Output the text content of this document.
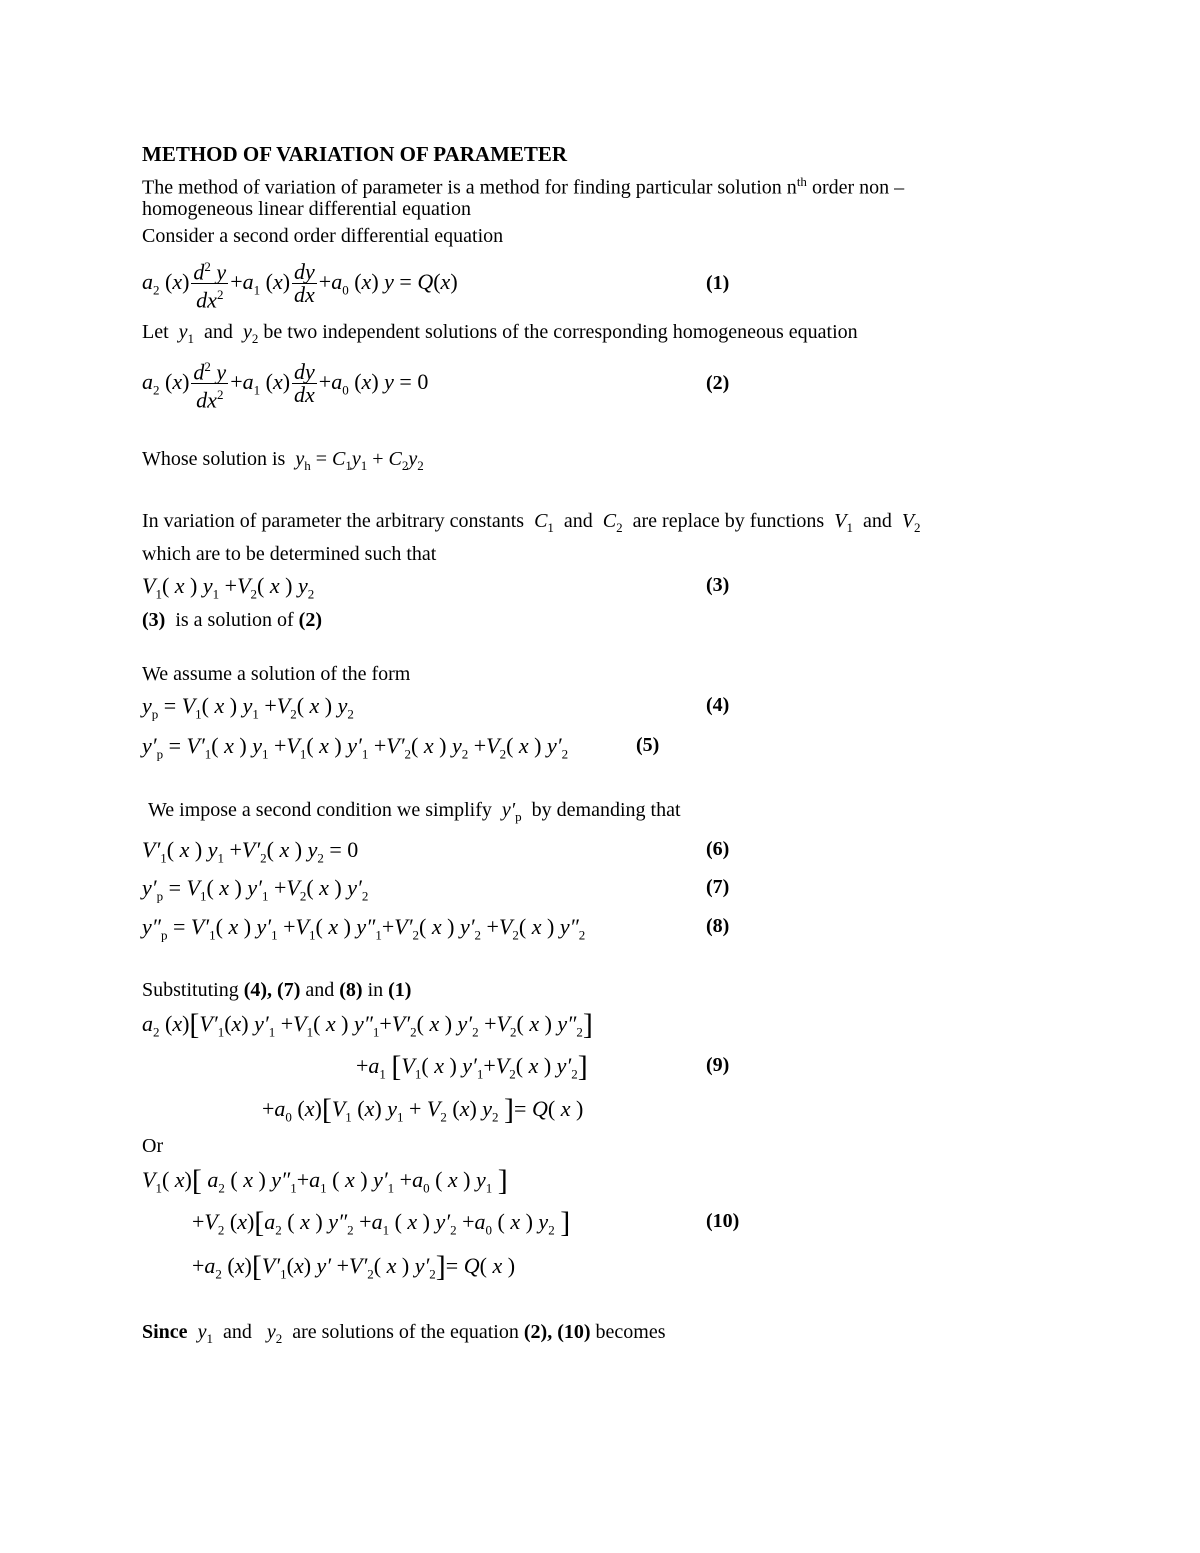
METHOD OF VARIATION OF PARAMETER
The method of variation of parameter is a method for finding particular solution $n^{th}$ order non –
homogeneous linear differential equation
Consider a second order differential equation
$a_2$ $(x) \frac{d^2 y}{dx^2} +a_1$ $(x) \frac{dy}{dx} +a_0$ (x) y = Q(x)	(1)
Let $y_1$ and $y_2$ be two independent solutions of the corresponding homogeneous equation
$a_2$ $(x) \frac{d^2 y}{dx^2} +a_1$ $(x) \frac{dy}{dx} +a_0$ (x) y = 0	(2)
Whose solution is $y_h = C_1y_1 + C_2y_2$
In variation of parameter the arbitrary constants $C_1$ and $C_2$ are replace by functions $V_1$ and $V_2$
which are to be determined such that
$V_1$( x ) $y_1 +V_2$( x ) $y_2$	(3)
(3) is a solution of (2)
We assume a solution of the form
$y_p = V_1$( x ) $y_1 +V_2$( x ) $y_2$	(4)
$y'_p = V'_1$( x ) $y_1 +V_1$( x ) $y'_1 +V'_2$( x ) $y_2 +V_2$( x ) $y'_2$	(5)
We impose a second condition we simplify $y'_p$ by demanding that
$V'_1$( x ) $y_1 +V'_2$( x ) $y_2 = 0$	(6)
$y'_p = V_1$( x ) $y'_1 +V_2$( x ) $y'_2$	(7)
$y''_p = V'_1$( x ) $y'_1 +V_1$( x ) $y''_1+V'_2$( x ) $y'_2 +V_2$( x ) $y''_2$	(8)
Substituting (4), (7) and (8) in (1)
$a_2$ $(x)[V'_1(x)$ $y'_1 +V_1$( x ) $y''_1+V'_2$( x ) $y'_2 +V_2$( x ) $y''_2$]
$+a_1$ [$V_1$( x ) $y'_1+V_2$( x ) $y'_2$]	(9)
$+a_0$ $(x)[V_1$ (x) $y_1 + V_2$ (x) $y_2$ ]= Q( x )
Or
$V_1$( x)[ $a_2$ ( x ) $y''_1+a_1$ ( x ) $y'_1 +a_0$ ( x ) $y_1$ ]
$+V_2$ $(x)[a_2$ ( x ) $y''_2 +a_1$ ( x ) $y'_2 +a_0$ ( x ) $y_2$ ]	(10)
$+a_2$ $(x)[V'_1(x)$ $y' +V'_2$( x ) $y'_2]= Q$( x )
Since $y_1$ and $y_2$ are solutions of the equation (2), (10) becomes
